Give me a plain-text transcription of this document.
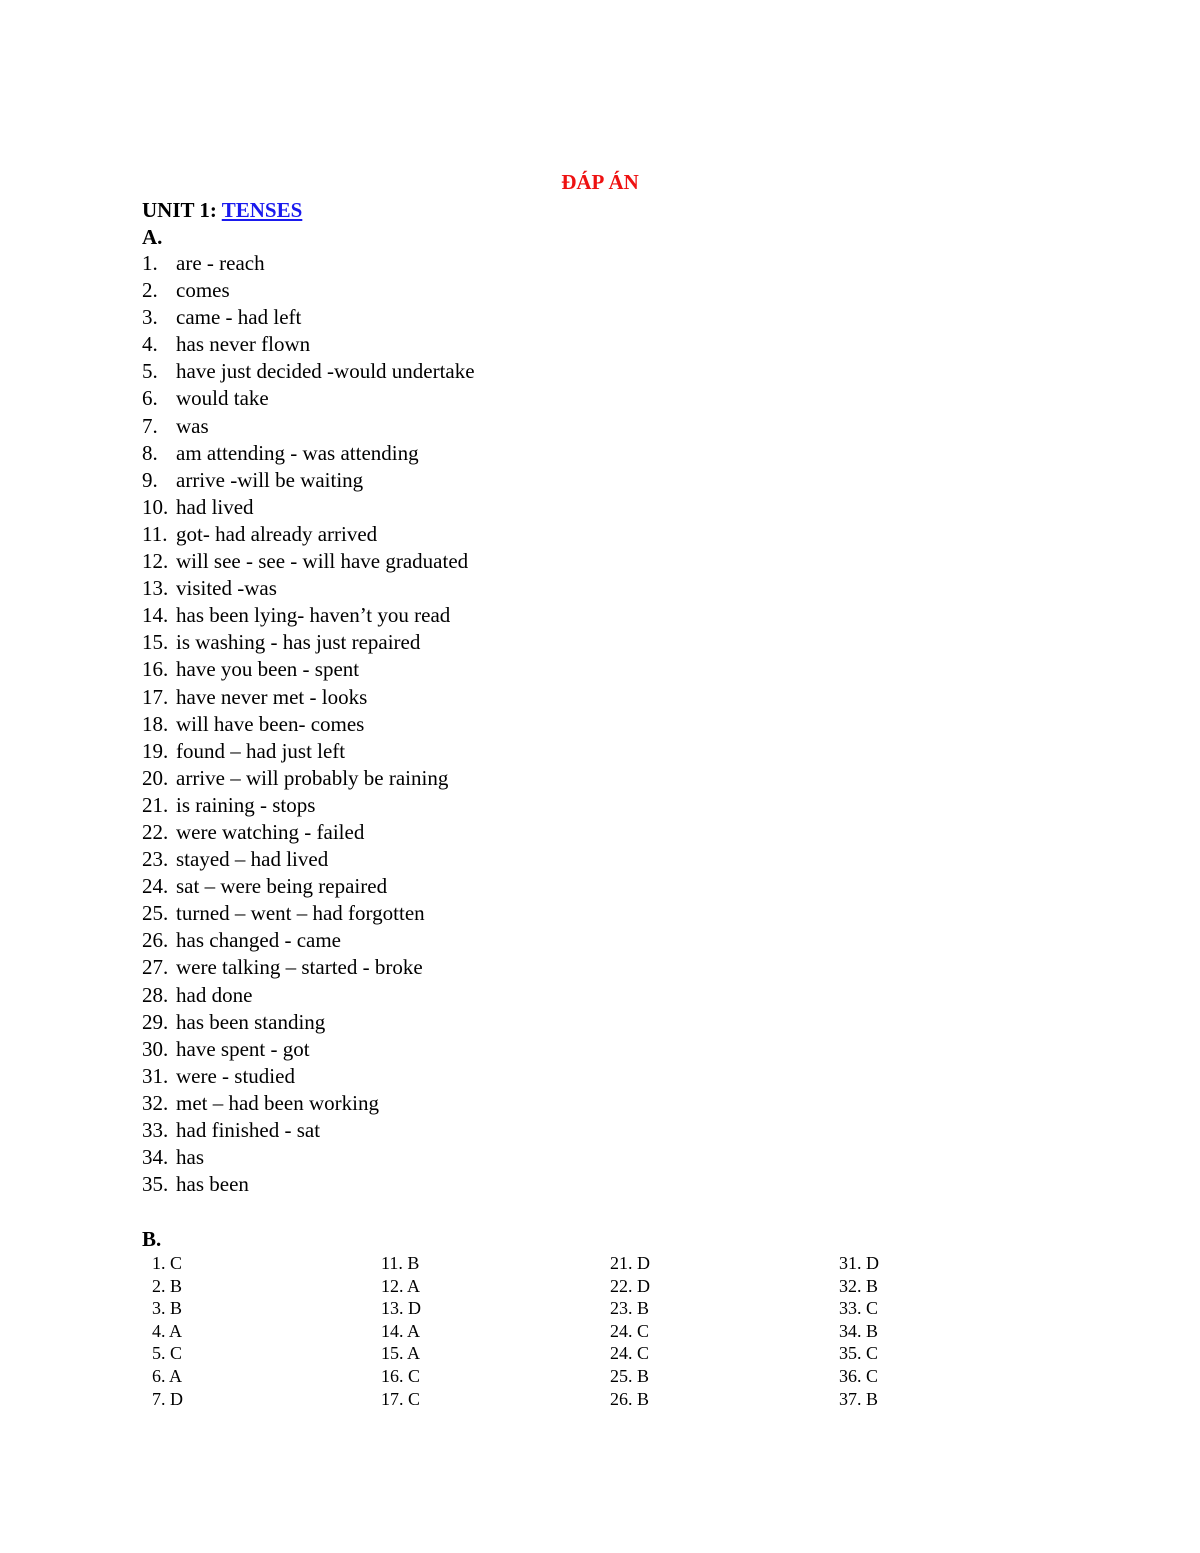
ĐÁP ÁN
UNIT 1: TENSES
A.
1. are - reach
2. comes
3. came - had left
4. has never flown
5. have just decided -would undertake
6. would take
7. was
8. am attending - was attending
9. arrive -will be waiting
10. had lived
11. got- had already arrived
12. will see - see - will have graduated
13. visited -was
14. has been lying- haven’t you read
15. is washing - has just repaired
16. have you been - spent
17. have never met - looks
18. will have been- comes
19. found – had just left
20. arrive – will probably be raining
21. is raining - stops
22. were watching - failed
23. stayed – had lived
24. sat – were being repaired
25. turned – went – had forgotten
26. has changed - came
27. were talking – started - broke
28. had done
29. has been standing
30. have spent - got
31. were - studied
32. met – had been working
33. had finished - sat
34. has
35. has been
B.
1. C
2. B
3. B
4. A
5. C
6. A
7. D
11. B
12. A
13. D
14. A
15. A
16. C
17. C
21. D
22. D
23. B
24. C
24. C
25. B
26. B
31. D
32. B
33. C
34. B
35. C
36. C
37. B
